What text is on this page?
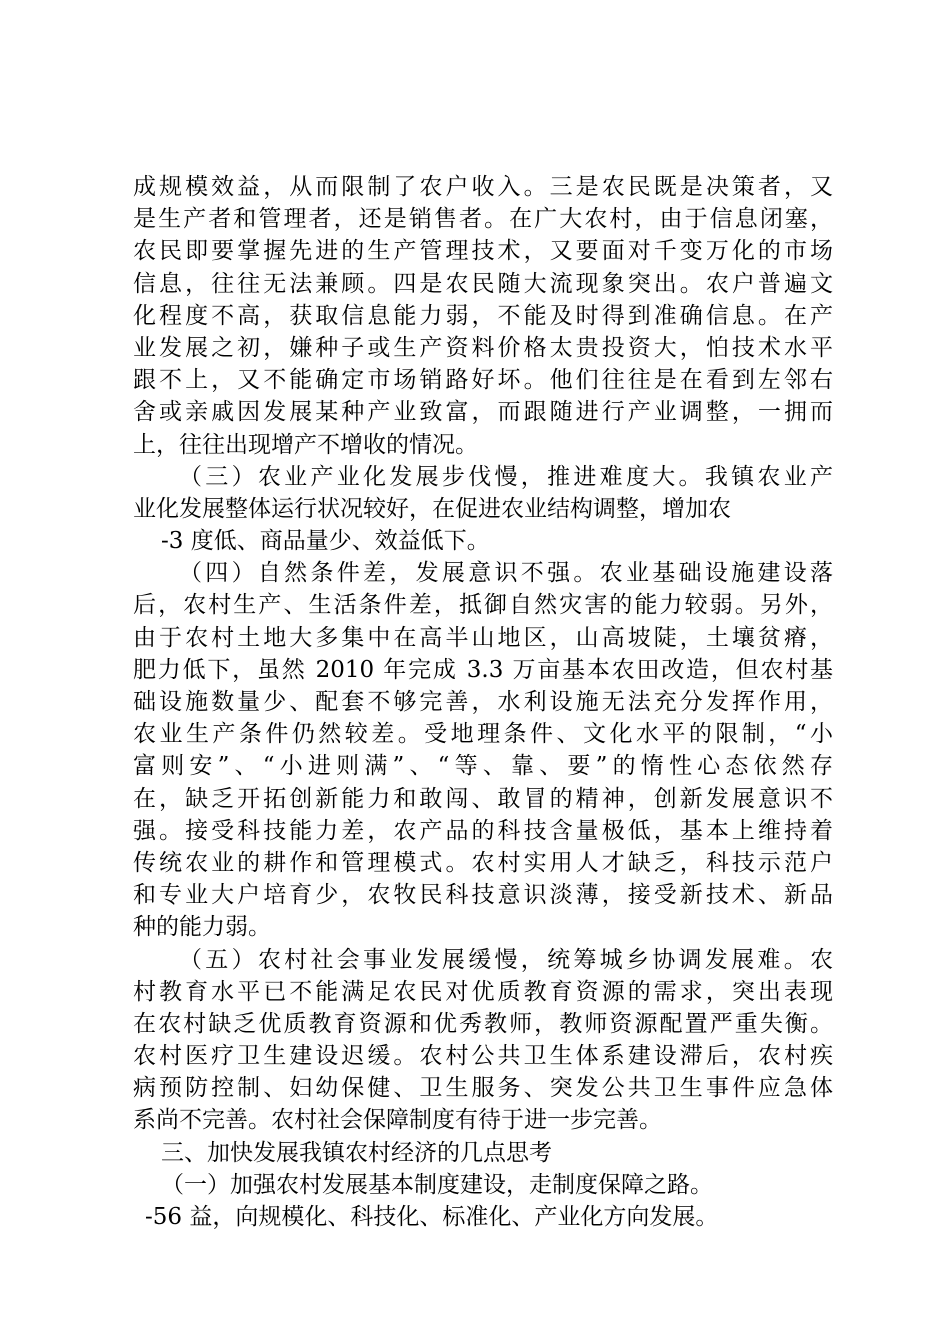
成规模效益，从而限制了农户收入。三是农民既是决策者，又
是生产者和管理者，还是销售者。在广大农村，由于信息闭塞，
农民即要掌握先进的生产管理技术，又要面对千变万化的市场
信息，往往无法兼顾。四是农民随大流现象突出。农户普遍文
化程度不高，获取信息能力弱，不能及时得到准确信息。在产
业发展之初，嫌种子或生产资料价格太贵投资大，怕技术水平
跟不上，又不能确定市场销路好坏。他们往往是在看到左邻右
舍或亲戚因发展某种产业致富，而跟随进行产业调整，一拥而
上，往往出现增产不增收的情况。
（三）农业产业化发展步伐慢，推进难度大。我镇农业产
业化发展整体运行状况较好，在促进农业结构调整，增加农
-3 度低、商品量少、效益低下。
（四）自然条件差，发展意识不强。农业基础设施建设落
后，农村生产、生活条件差，抵御自然灾害的能力较弱。另外，
由于农村土地大多集中在高半山地区，山高坡陡，土壤贫瘠，
肥力低下，虽然 2010 年完成 3.3 万亩基本农田改造，但农村基
础设施数量少、配套不够完善，水利设施无法充分发挥作用，
农业生产条件仍然较差。受地理条件、文化水平的限制，“小
富则安”、“小进则满”、“等、靠、要”的惰性心态依然存
在，缺乏开拓创新能力和敢闯、敢冒的精神，创新发展意识不
强。接受科技能力差，农产品的科技含量极低，基本上维持着
传统农业的耕作和管理模式。农村实用人才缺乏，科技示范户
和专业大户培育少，农牧民科技意识淡薄，接受新技术、新品
种的能力弱。
（五）农村社会事业发展缓慢，统筹城乡协调发展难。农
村教育水平已不能满足农民对优质教育资源的需求，突出表现
在农村缺乏优质教育资源和优秀教师，教师资源配置严重失衡。
农村医疗卫生建设迟缓。农村公共卫生体系建设滞后，农村疾
病预防控制、妇幼保健、卫生服务、突发公共卫生事件应急体
系尚不完善。农村社会保障制度有待于进一步完善。
三、加快发展我镇农村经济的几点思考
（一）加强农村发展基本制度建设，走制度保障之路。
-56 益，向规模化、科技化、标准化、产业化方向发展。
